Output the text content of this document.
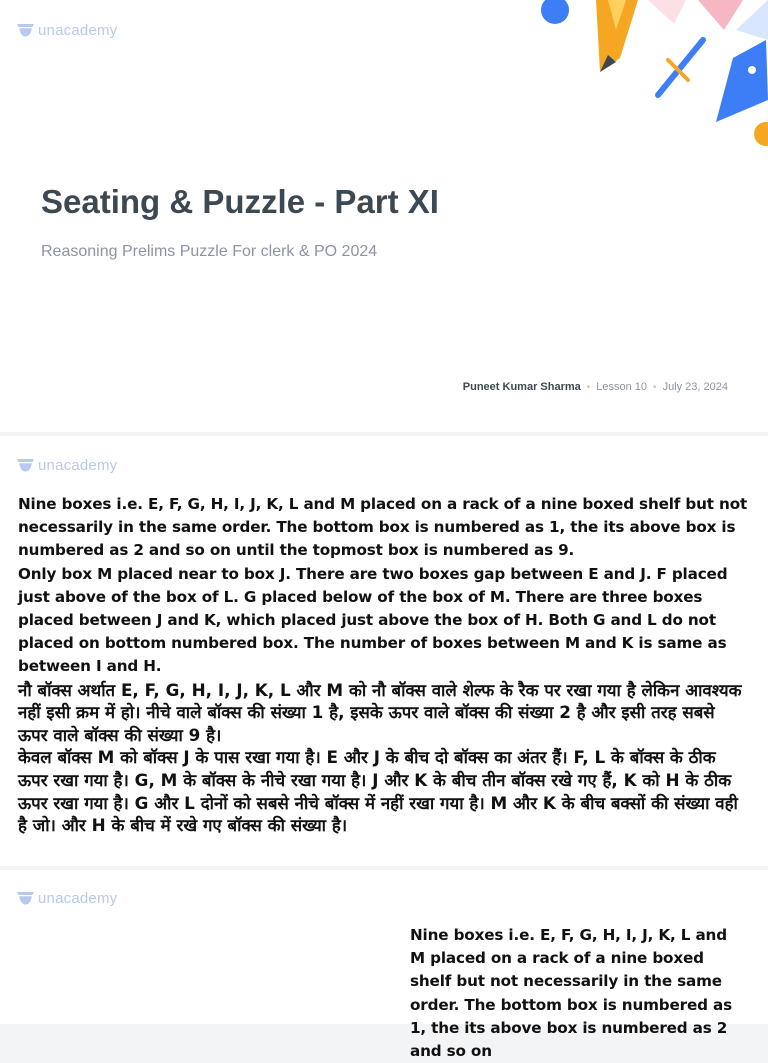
unacademy
Seating & Puzzle - Part XI

Reasoning Prelims Puzzle For clerk & PO 2024

Puneet Kumar Sharma • Lesson 10 • July 23, 2024
unacademy

Nine boxes i.e. E, F, G, H, I, J, K, L and M placed on a rack of a nine boxed shelf but not necessarily in the same order. The bottom box is numbered as 1, the its above box is numbered as 2 and so on until the topmost box is numbered as 9.

Only box M placed near to box J. There are two boxes gap between E and J. F placed just above of the box of L. G placed below of the box of M. There are three boxes placed between J and K, which placed just above the box of H. Both G and L do not placed on bottom numbered box. The number of boxes between M and K is same as between I and H.

नौ बॉक्स अर्थात E, F, G, H, I, J, K, L और M को नौ बॉक्स वाले शेल्फ के रैक पर रखा गया है लेकिन आवश्यक नहीं इसी क्रम में हो। नीचे वाले बॉक्स की संख्या 1 है, इसके ऊपर वाले बॉक्स की संख्या 2 है और इसी तरह सबसे ऊपर वाले बॉक्स की संख्या 9 है।

केवल बॉक्स M को बॉक्स J के पास रखा गया है। E और J के बीच दो बॉक्स का अंतर हैं। F, L के बॉक्स के ठीक ऊपर रखा गया है। G, M के बॉक्स के नीचे रखा गया है। J और K के बीच तीन बॉक्स रखे गए हैं, K को H के ठीक ऊपर रखा गया है। G और L दोनों को सबसे नीचे बॉक्स में नहीं रखा गया है। M और K के बीच बक्सों की संख्या वही है जो। और H के बीच में रखे गए बॉक्स की संख्या है।

unacademy
Nine boxes i.e. E, F, G, H, I, J, K, L and M placed on a rack of a nine boxed shelf but not necessarily in the same order. The bottom box is numbered as 1, the its above box is numbered as 2 and so on
